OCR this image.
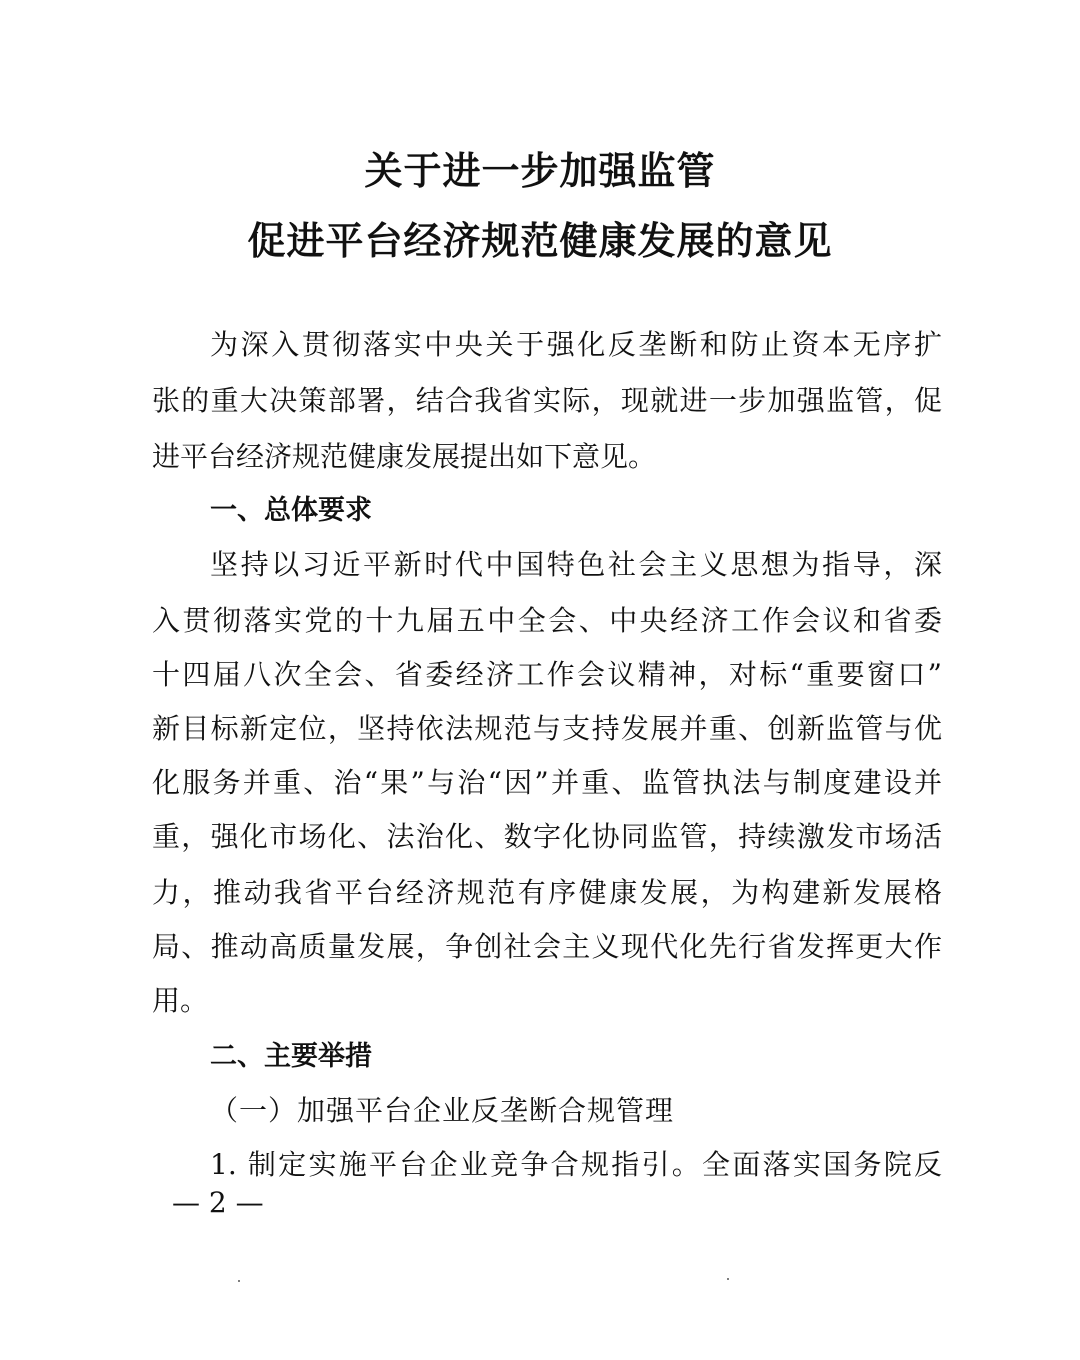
关于进一步加强监管
促进平台经济规范健康发展的意见
为深入贯彻落实中央关于强化反垄断和防止资本无序扩
张的重大决策部署，结合我省实际，现就进一步加强监管，促
进平台经济规范健康发展提出如下意见。
一、总体要求
坚持以习近平新时代中国特色社会主义思想为指导，深
入贯彻落实党的十九届五中全会、中央经济工作会议和省委
十四届八次全会、省委经济工作会议精神，对标“重要窗口”
新目标新定位，坚持依法规范与支持发展并重、创新监管与优
化服务并重、治“果”与治“因”并重、监管执法与制度建设并
重，强化市场化、法治化、数字化协同监管，持续激发市场活
力，推动我省平台经济规范有序健康发展，为构建新发展格
局、推动高质量发展，争创社会主义现代化先行省发挥更大作
用。
二、主要举措
（一）加强平台企业反垄断合规管理
1. 制定实施平台企业竞争合规指引。全面落实国务院反
— 2 —
